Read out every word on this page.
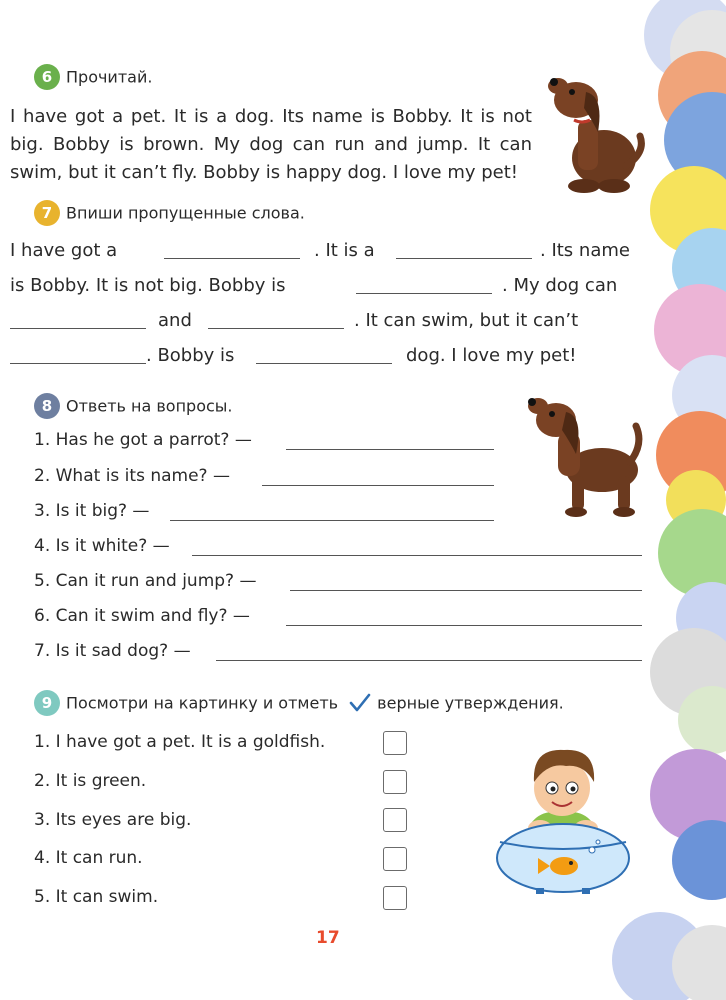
6 Прочитай.
I have got a pet. It is a dog. Its name is Bobby. It is not big. Bobby is brown. My dog can run and jump. It can swim, but it can’t fly. Bobby is happy dog. I love my pet!
7 Впиши пропущенные слова.
I have got a	. It is a	. Its name
is Bobby. It is not big. Bobby is	. My dog can
and	. It can swim, but it can’t
. Bobby is	dog. I love my pet!
8 Ответь на вопросы.
1. Has he got a parrot? —
2. What is its name? —
3. Is it big? —
4. Is it white? —
5. Can it run and jump? —
6. Can it swim and fly? —
7. Is it sad dog? —
9 Посмотри на картинку и отметь верные утверждения.
1. I have got a pet. It is a goldfish.
2. It is green.
3. Its eyes are big.
4. It can run.
5. It can swim.
17
